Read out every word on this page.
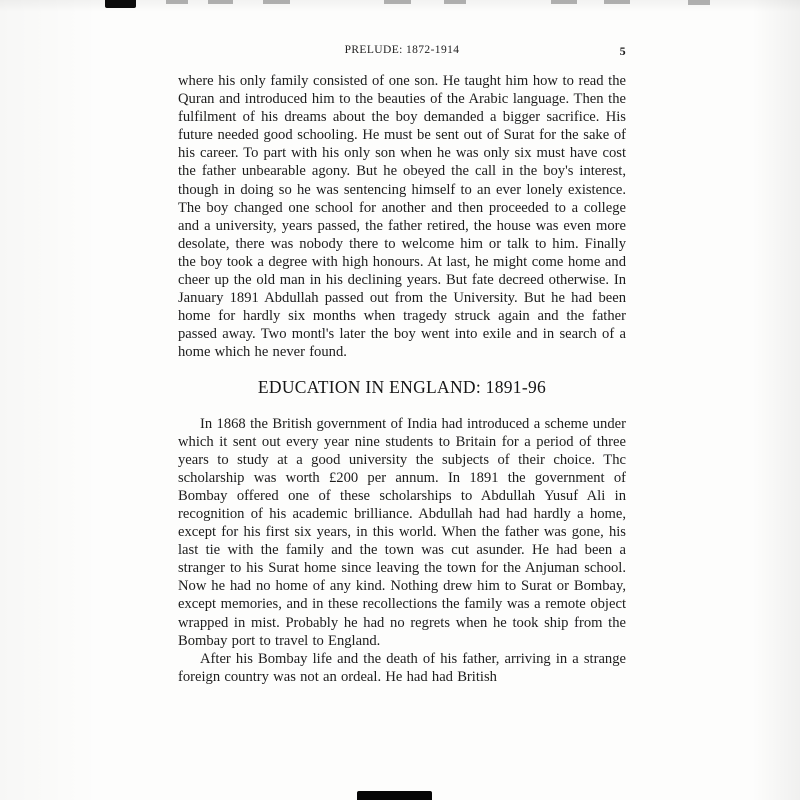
PRELUDE: 1872-1914	5

where his only family consisted of one son. He taught him how to read the Quran and introduced him to the beauties of the Arabic language. Then the fulfilment of his dreams about the boy demanded a bigger sacrifice. His future needed good schooling. He must be sent out of Surat for the sake of his career. To part with his only son when he was only six must have cost the father unbearable agony. But he obeyed the call in the boy's interest, though in doing so he was sentencing himself to an ever lonely existence. The boy changed one school for another and then proceeded to a college and a university, years passed, the father retired, the house was even more desolate, there was nobody there to welcome him or talk to him. Finally the boy took a degree with high honours. At last, he might come home and cheer up the old man in his declining years. But fate decreed otherwise. In January 1891 Abdullah passed out from the University. But he had been home for hardly six months when tragedy struck again and the father passed away. Two montl's later the boy went into exile and in search of a home which he never found.

EDUCATION IN ENGLAND: 1891-96

In 1868 the British government of India had introduced a scheme under which it sent out every year nine students to Britain for a period of three years to study at a good university the subjects of their choice. Thc scholarship was worth £200 per annum. In 1891 the government of Bombay offered one of these scholarships to Abdullah Yusuf Ali in recognition of his academic brilliance. Abdullah had had hardly a home, except for his first six years, in this world. When the father was gone, his last tie with the family and the town was cut asunder. He had been a stranger to his Surat home since leaving the town for the Anjuman school. Now he had no home of any kind. Nothing drew him to Surat or Bombay, except memories, and in these recollections the family was a remote object wrapped in mist. Probably he had no regrets when he took ship from the Bombay port to travel to England.

After his Bombay life and the death of his father, arriving in a strange foreign country was not an ordeal. He had had British
